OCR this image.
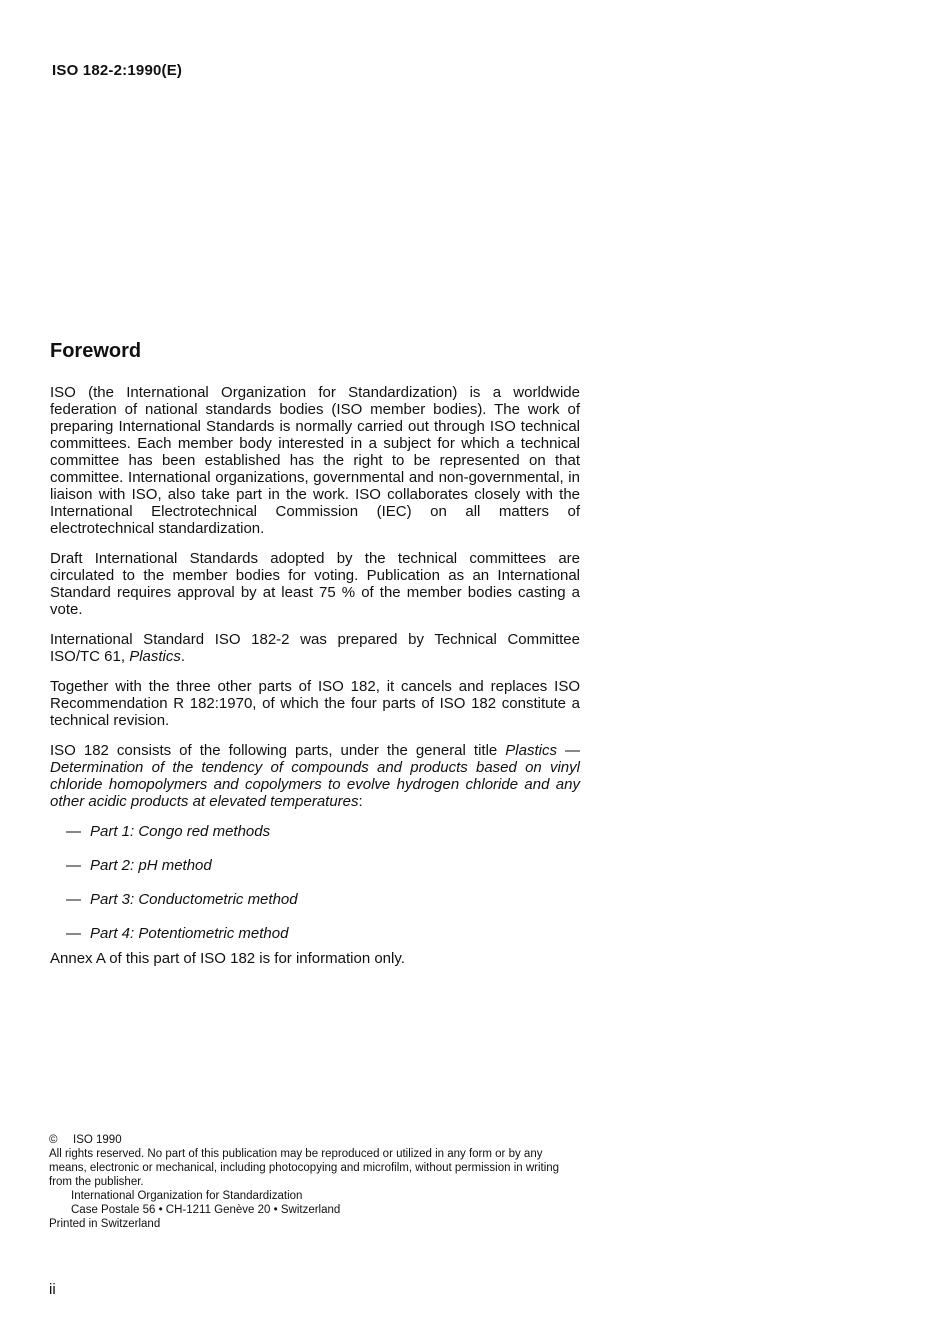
ISO 182-2:1990(E)
Foreword

ISO (the International Organization for Standardization) is a worldwide federation of national standards bodies (ISO member bodies). The work of preparing International Standards is normally carried out through ISO technical committees. Each member body interested in a subject for which a technical committee has been established has the right to be represented on that committee. International organizations, governmental and non-governmental, in liaison with ISO, also take part in the work. ISO collaborates closely with the International Electrotechnical Commission (IEC) on all matters of electrotechnical standardization.

Draft International Standards adopted by the technical committees are circulated to the member bodies for voting. Publication as an International Standard requires approval by at least 75 % of the member bodies casting a vote.

International Standard ISO 182-2 was prepared by Technical Committee ISO/TC 61, Plastics.

Together with the three other parts of ISO 182, it cancels and replaces ISO Recommendation R 182:1970, of which the four parts of ISO 182 constitute a technical revision.

ISO 182 consists of the following parts, under the general title Plastics — Determination of the tendency of compounds and products based on vinyl chloride homopolymers and copolymers to evolve hydrogen chloride and any other acidic products at elevated temperatures:

— Part 1: Congo red methods
— Part 2: pH method
— Part 3: Conductometric method
— Part 4: Potentiometric method

Annex A of this part of ISO 182 is for information only.

© ISO 1990
All rights reserved. No part of this publication may be reproduced or utilized in any form or by any means, electronic or mechanical, including photocopying and microfilm, without permission in writing from the publisher.
International Organization for Standardization
Case Postale 56 • CH-1211 Genève 20 • Switzerland
Printed in Switzerland
ii
